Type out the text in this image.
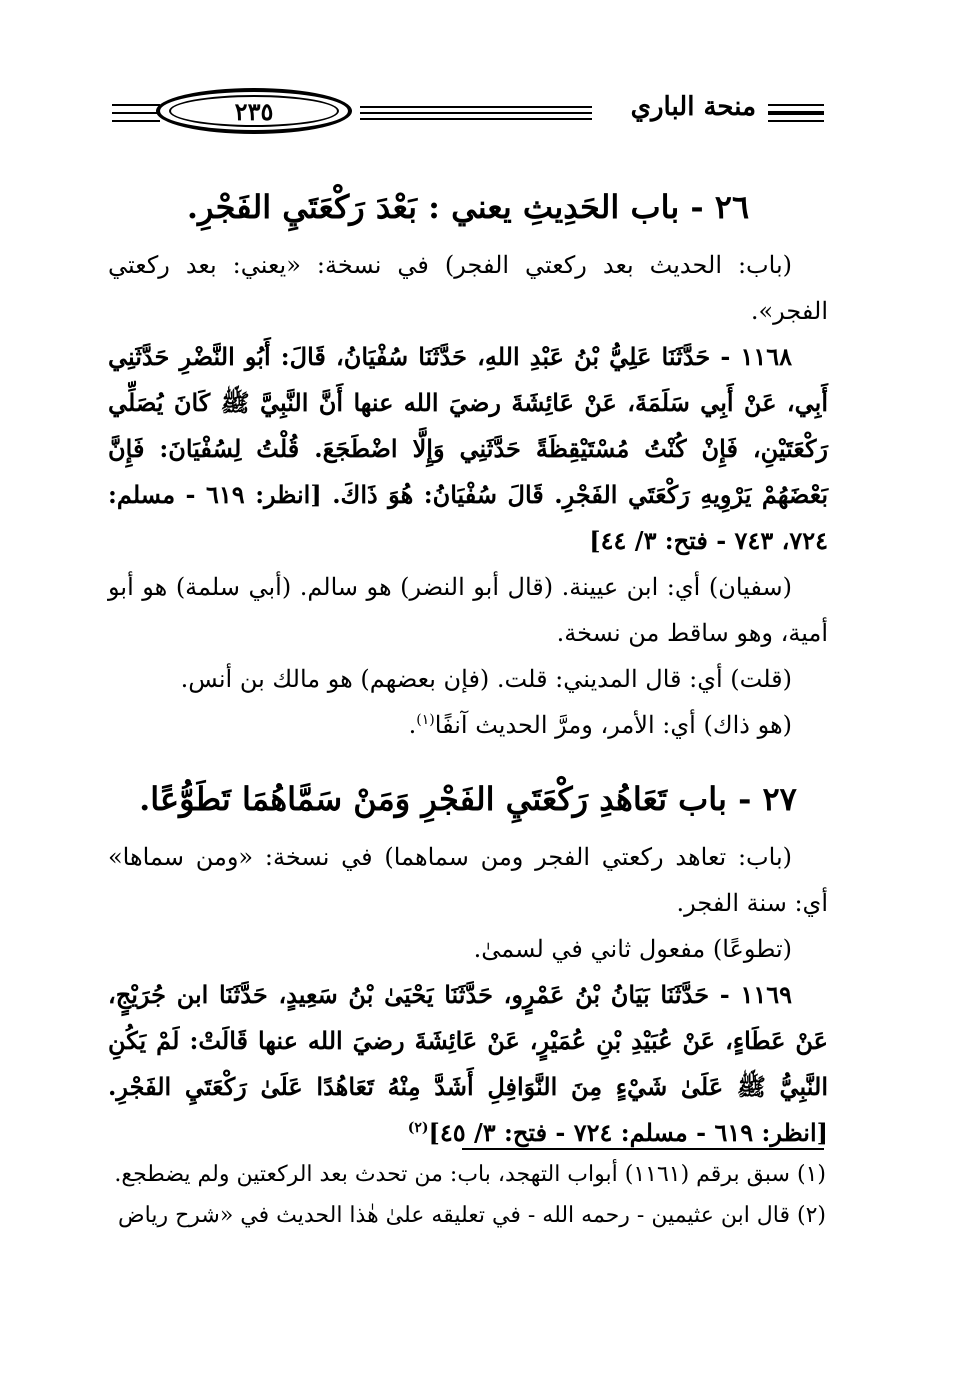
منحة الباري
٢٣٥
٢٦ - باب الحَدِيثِ يعني : بَعْدَ رَكْعَتَيِ الفَجْرِ.

(باب: الحديث بعد ركعتي الفجر) في نسخة: «يعني: بعد ركعتي الفجر».

١١٦٨ - حَدَّثَنَا عَلِيُّ بْنُ عَبْدِ اللهِ، حَدَّثَنَا سُفْيَانُ، قَالَ: أَبُو النَّضْرِ حَدَّثَنِي أَبِي، عَنْ أَبِي سَلَمَةَ، عَنْ عَائِشَةَ رضيَ الله عنها أَنَّ النَّبِيَّ ﷺ كَانَ يُصَلِّي رَكْعَتَيْنِ، فَإِنْ كُنْتُ مُسْتَيْقِظَةً حَدَّثَنِي وَإِلَّا اضْطَجَعَ. قُلْتُ لِسُفْيَانَ: فَإِنَّ بَعْضَهُمْ يَرْوِيهِ رَكْعَتَي الفَجْرِ. قَالَ سُفْيَانُ: هُوَ ذَاكَ. [انظر: ٦١٩ - مسلم: ٧٢٤، ٧٤٣ - فتح: ٣/ ٤٤]

(سفيان) أي: ابن عيينة. (قال أبو النضر) هو سالم. (أبي سلمة) هو أبو أمية، وهو ساقط من نسخة.

(قلت) أي: قال المديني: قلت. (فإن بعضهم) هو مالك بن أنس.

(هو ذاك) أي: الأمر، ومرَّ الحديث آنفًا$^{(١)}$.

٢٧ - باب تَعَاهُدِ رَكْعَتَيِ الفَجْرِ وَمَنْ سَمَّاهُمَا تَطَوُّعًا.

(باب: تعاهد ركعتي الفجر ومن سماهما) في نسخة: «ومن سماها» أي: سنة الفجر.

(تطوعًا) مفعول ثاني في لسمىٰ.

١١٦٩ - حَدَّثَنَا بَيَانُ بْنُ عَمْرٍو، حَدَّثَنَا يَحْيَىٰ بْنُ سَعِيدٍ، حَدَّثَنَا ابن جُرَيْجٍ، عَنْ عَطَاءٍ، عَنْ عُبَيْدِ بْنِ عُمَيْرٍ، عَنْ عَائِشَةَ رضيَ الله عنها قَالَتْ: لَمْ يَكُنِ النَّبِيُّ ﷺ عَلَىٰ شَيْءٍ مِنَ النَّوَافِلِ أَشَدَّ مِنْهُ تَعَاهُدًا عَلَىٰ رَكْعَتَيِ الفَجْرِ. [انظر: ٦١٩ - مسلم: ٧٢٤ - فتح: ٣/ ٤٥]$^{(٢)}$

(١) سبق برقم (١١٦١) أبواب التهجد، باب: من تحدث بعد الركعتين ولم يضطجع.

(٢) قال ابن عثيمين - رحمه الله - في تعليقه علىٰ هٰذا الحديث في «شرح رياض
